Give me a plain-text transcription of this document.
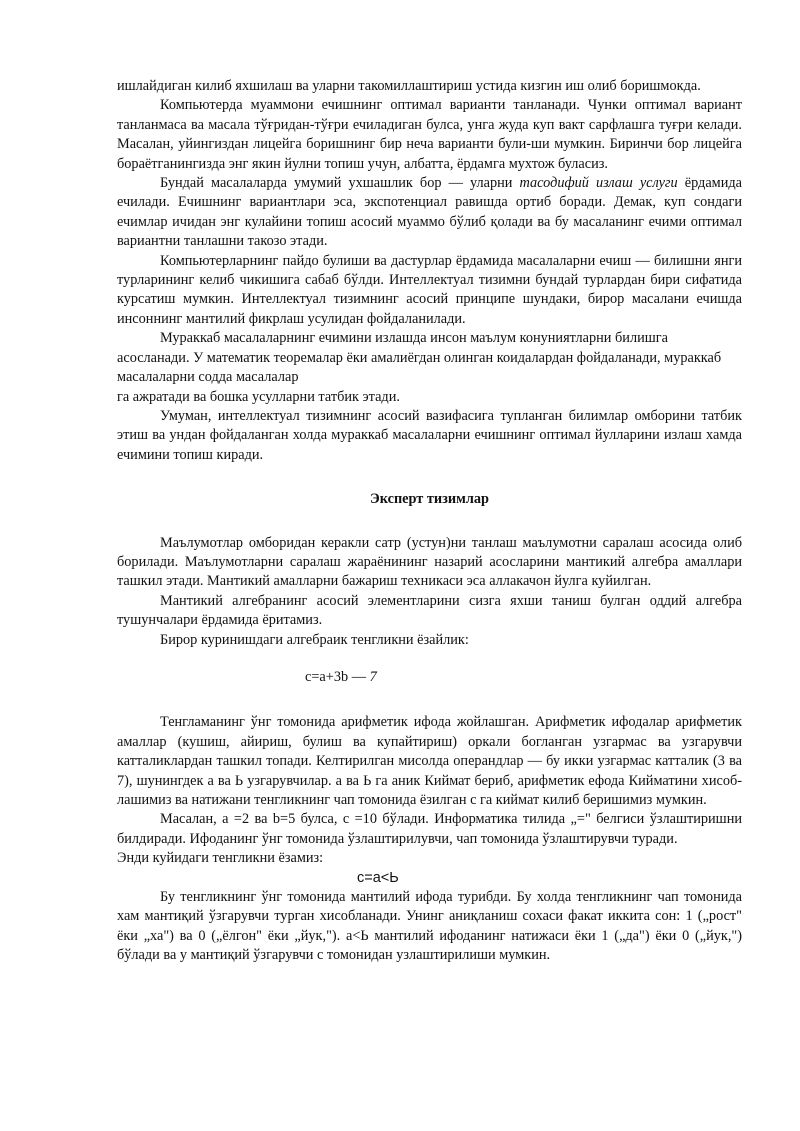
ишлайдиган килиб яхшилаш ва уларни такомиллаштириш устида кизгин иш олиб боришмокда.

Компьютерда муаммони ечишнинг оптимал варианти танланади. Чунки оптимал вариант танланмаса ва масала тўғридан-тўғри ечиладиган булса, унга жуда куп вакт сарфлашга туғри келади. Масалан, уйингиздан лицейга боришнинг бир неча варианти були-ши мумкин. Биринчи бор лицейга бораётганингизда энг якин йулни топиш учун, албатта, ёрдамга мухтож буласиз.

Бундай масалаларда умумий ухшашлик бор — уларни тасодифий излаш услуги ёрдамида ечилади. Ечишнинг вариантлари эса, экспотенциал равишда ортиб боради. Демак, куп сондаги ечимлар ичидан энг кулайини топиш асосий муаммо бўлиб қолади ва бу масаланинг ечими оптимал вариантни танлашни такозо этади.

Компьютерларнинг пайдо булиши ва дастурлар ёрдамида масалаларни ечиш — билишни янги турларининг келиб чикишига сабаб бўлди. Интеллектуал тизимни бундай турлардан бири сифатида курсатиш мумкин. Интеллектуал тизимнинг асосий принципе шундаки, бирор масалани ечишда инсоннинг мантилий фикрлаш усулидан фойдаланилади.

Мураккаб масалаларнинг ечимини излашда инсон маълум конуниятларни билишга асосланади. У математик теоремалар ёки амалиёгдан олинган коидалардан фойдаланади, мураккаб масалаларни содда масалалар

га ажратади ва бошка усулларни татбик этади.

Умуман, интеллектуал тизимнинг асосий вазифасига тупланган билимлар омборини татбик этиш ва ундан фойдаланган холда мураккаб масалаларни ечишнинг оптимал йулларини излаш хамда ечимини топиш киради.

Эксперт тизимлар

Маълумотлар омборидан керакли сатр (устун)ни танлаш маълумотни саралаш асосида олиб борилади. Маълумотларни саралаш жараёнининг назарий асосларини мантикий алгебра амаллари ташкил этади. Мантикий амалларни бажариш техникаси эса аллакачон йулга куйилган.

Мантикий алгебранинг асосий элементларини сизга яхши таниш булган оддий алгебра тушунчалари ёрдамида ёритамиз.

Бирор куринишдаги алгебраик тенгликни ёзайлик:

c=a+3b — 7

Тенгламанинг ўнг томонида арифметик ифода жойлашган. Арифметик ифодалар арифметик амаллар (кушиш, айириш, булиш ва купайтириш) оркали богланган узгармас ва узгарувчи катталиклардан ташкил топади. Келтирилган мисолда операндлар — бу икки узгармас катталик (3 ва 7), шунингдек а ва Ь узгарувчилар. а ва Ь га аник Киймат бериб, арифметик ефода Кийматини хисоб- лашимиз ва натижани тенгликнинг чап томонида ёзилган с га киймат килиб беришимиз мумкин.

Масалан, а =2 ва b=5 булса, с =10 бўлади. Информатика тилида „=" белгиси ўзлаштиришни билдиради. Ифоданинг ўнг томонида ўзлаштирилувчи, чап томонида ўзлаштирувчи туради.

Энди куйидаги тенгликни ёзамиз:

c=a<Ь

Бу тенгликнинг ўнг томонида мантилий ифода турибди. Бу холда тенгликнинг чап томонида хам мантиқий ўзгарувчи турган хисобланади. Унинг аниқланиш сохаси факат иккита сон: 1 („рост" ёки „ха") ва 0 („ёлгон" ёки „йук,"). а<Ь мантилий ифоданинг натижаси ёки 1 („да") ёки 0 („йук,") бўлади ва у мантиқий ўзгарувчи с томонидан узлаштирилиши мумкин.
